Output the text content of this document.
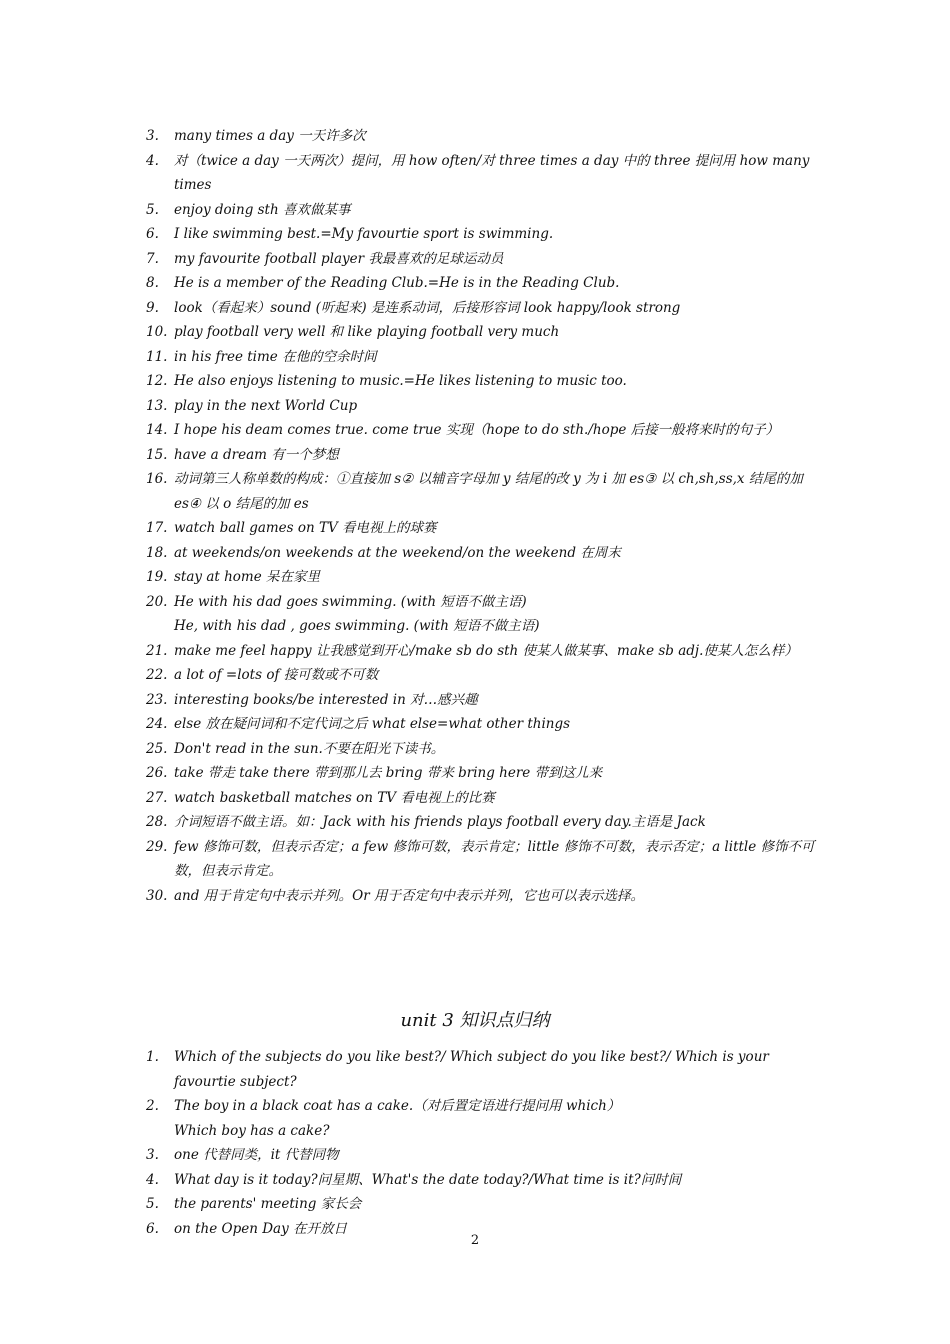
3. many times a day 一天许多次
4. 对（twice a day 一天两次）提问，用 how often/对 three times a day 中的 three 提问用 how many times
5. enjoy doing sth 喜欢做某事
6. I like swimming best.=My favourtie sport is swimming.
7. my favourite football player 我最喜欢的足球运动员
8. He is a member of the Reading Club.=He is in the Reading Club.
9. look（看起来）sound (听起来) 是连系动词，后接形容词 look happy/look strong
10. play football very well 和 like playing football very much
11. in his free time 在他的空余时间
12. He also enjoys listening to music.=He likes listening to music too.
13. play in the next World Cup
14. I hope his deam comes true. come true 实现（hope to do sth./hope 后接一般将来时的句子）
15. have a dream 有一个梦想
16. 动词第三人称单数的构成：①直接加 s② 以辅音字母加 y 结尾的改 y 为 i 加 es③ 以 ch,sh,ss,x 结尾的加 es④ 以 o 结尾的加 es
17. watch ball games on TV 看电视上的球赛
18. at weekends/on weekends at the weekend/on the weekend 在周末
19. stay at home 呆在家里
20. He with his dad goes swimming. (with 短语不做主语)
He, with his dad , goes swimming. (with 短语不做主语)
21. make me feel happy 让我感觉到开心/make sb do sth 使某人做某事、make sb adj.使某人怎么样）
22. a lot of =lots of 接可数或不可数
23. interesting books/be interested in 对…感兴趣
24. else 放在疑问词和不定代词之后 what else=what other things
25. Don't read in the sun.不要在阳光下读书。
26. take 带走 take there 带到那儿去 bring 带来 bring here 带到这儿来
27. watch basketball matches on TV 看电视上的比赛
28. 介词短语不做主语。如：Jack with his friends plays football every day.主语是 Jack
29. few 修饰可数，但表示否定；a few 修饰可数，表示肯定；little 修饰不可数，表示否定；a little 修饰不可数，但表示肯定。
30. and 用于肯定句中表示并列。Or 用于否定句中表示并列，它也可以表示选择。
unit 3 知识点归纳
1. Which of the subjects do you like best?/ Which subject do you like best?/ Which is your favourtie subject?
2. The boy in a black coat has a cake.（对后置定语进行提问用 which）
Which boy has a cake?
3. one 代替同类，it 代替同物
4. What day is it today?问星期、What's the date today?/What time is it?问时间
5. the parents' meeting 家长会
6. on the Open Day 在开放日
2
